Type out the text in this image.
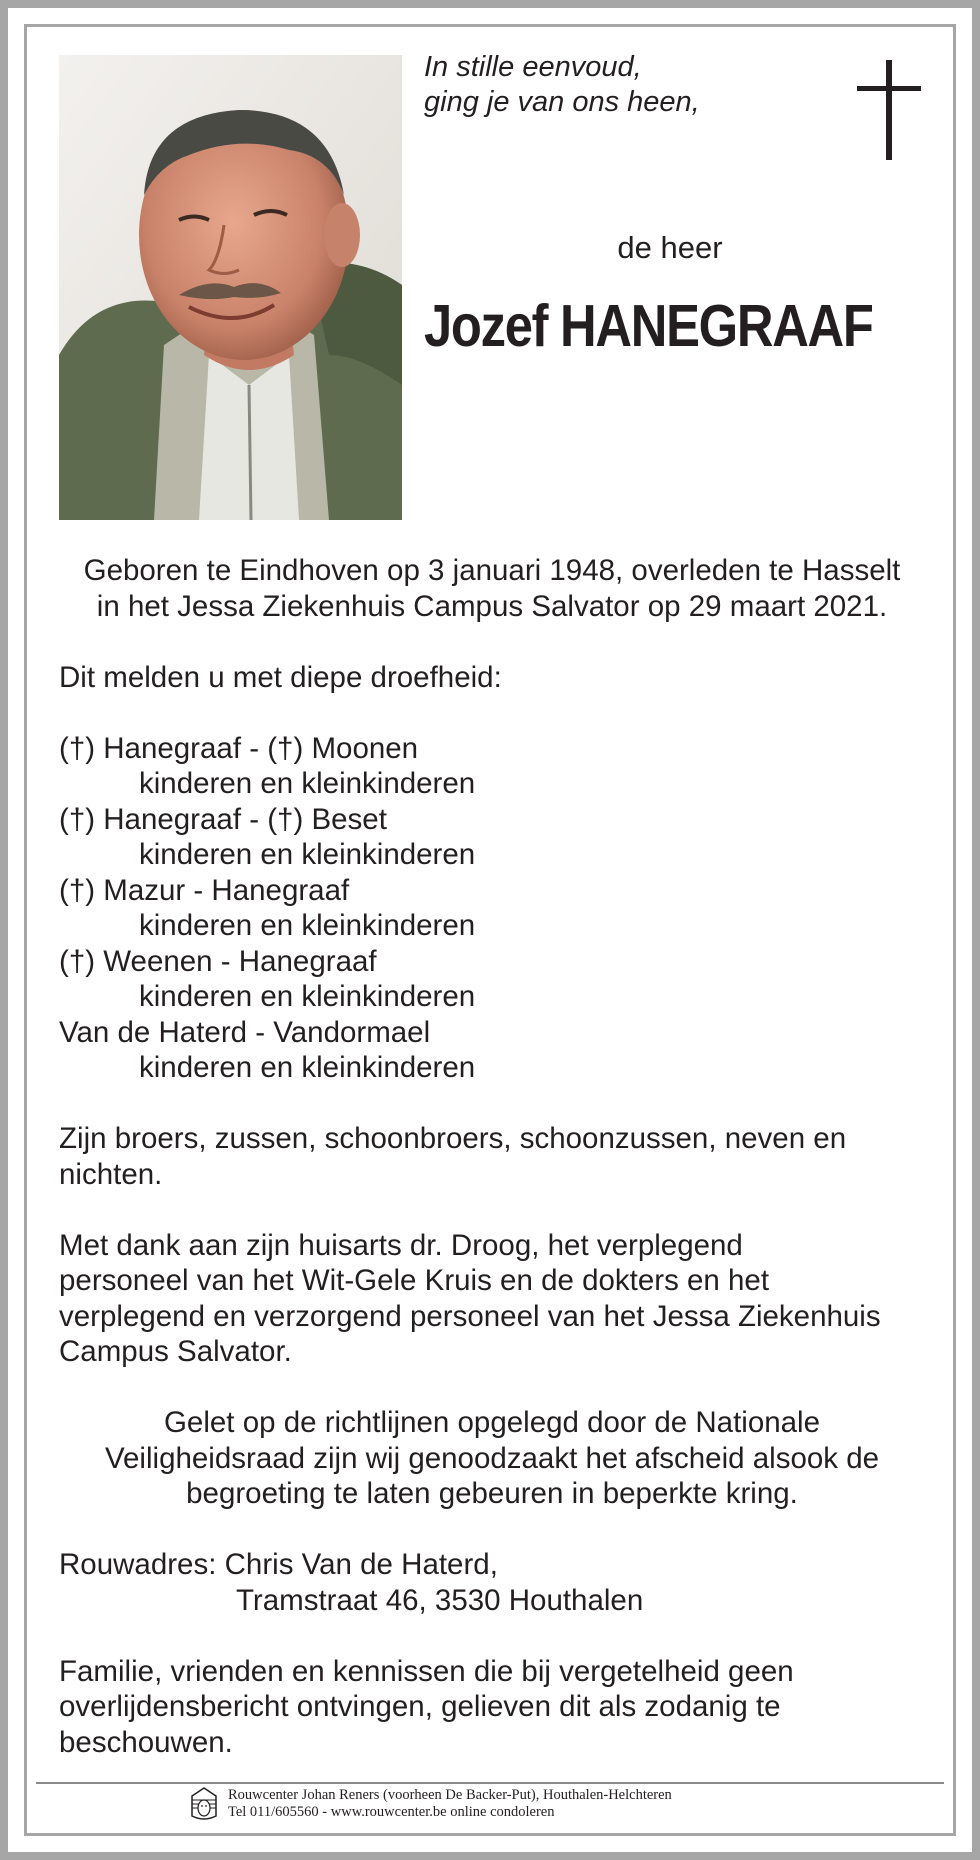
In stille eenvoud,
ging je van ons heen,
de heer
Jozef HANEGRAAF
Geboren te Eindhoven op 3 januari 1948, overleden te Hasselt
in het Jessa Ziekenhuis Campus Salvator op 29 maart 2021.
Dit melden u met diepe droefheid:
(†) Hanegraaf - (†) Moonen
kinderen en kleinkinderen
(†) Hanegraaf - (†) Beset
kinderen en kleinkinderen
(†) Mazur - Hanegraaf
kinderen en kleinkinderen
(†) Weenen - Hanegraaf
kinderen en kleinkinderen
Van de Haterd - Vandormael
kinderen en kleinkinderen
Zijn broers, zussen, schoonbroers, schoonzussen, neven en
nichten.
Met dank aan zijn huisarts dr. Droog, het verplegend
personeel van het Wit-Gele Kruis en de dokters en het
verplegend en verzorgend personeel van het Jessa Ziekenhuis
Campus Salvator.
Gelet op de richtlijnen opgelegd door de Nationale
Veiligheidsraad zijn wij genoodzaakt het afscheid alsook de
begroeting te laten gebeuren in beperkte kring.
Rouwadres: Chris Van de Haterd,
Tramstraat 46, 3530 Houthalen
Familie, vrienden en kennissen die bij vergetelheid geen
overlijdensbericht ontvingen, gelieven dit als zodanig te
beschouwen.
Rouwcenter Johan Reners (voorheen De Backer-Put), Houthalen-Helchteren
Tel 011/605560 - www.rouwcenter.be online condoleren
